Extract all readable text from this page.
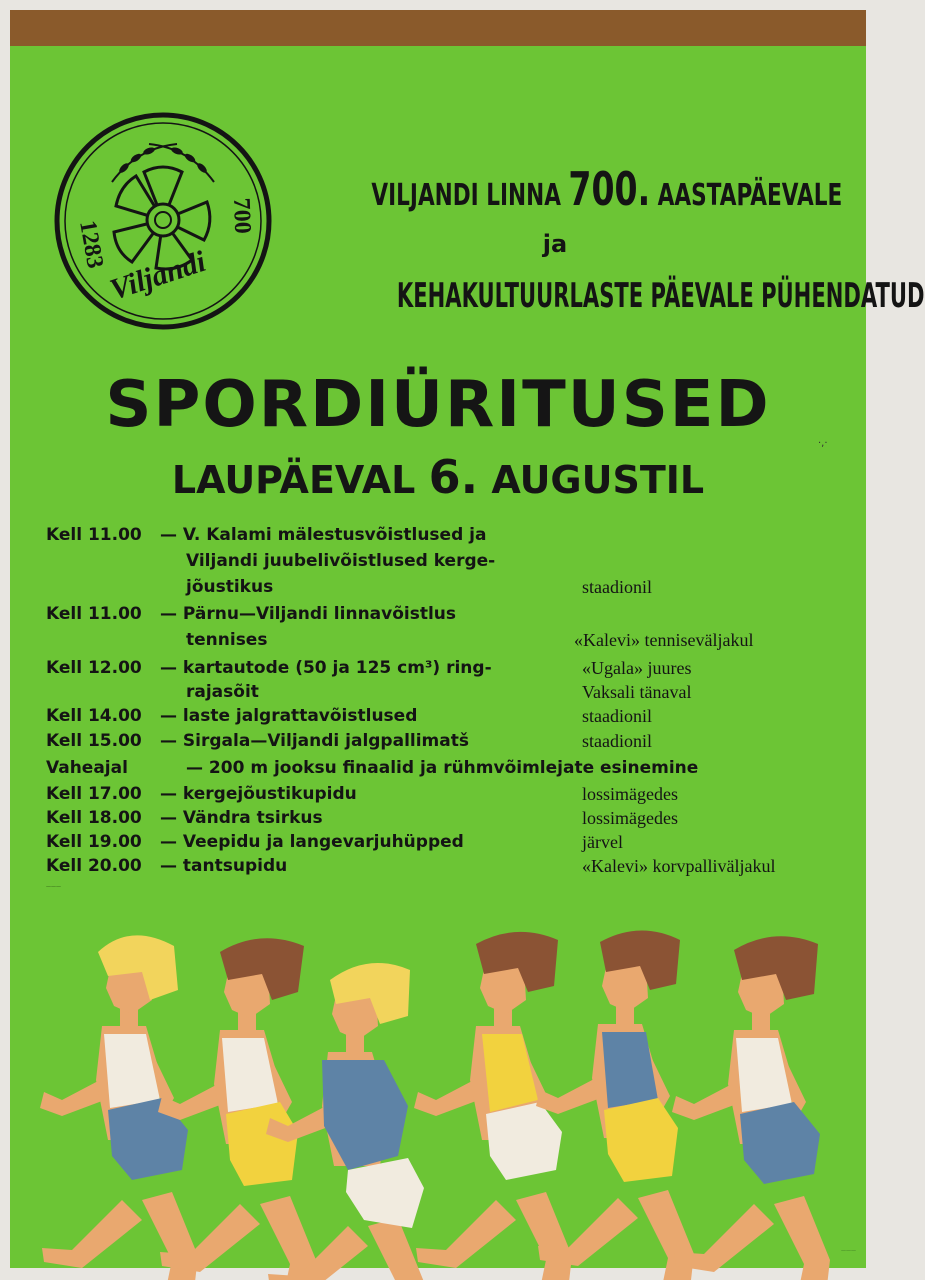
1283
Viljandi
700
VILJANDI LINNA 700. AASTAPÄEVALE
ja
KEHAKULTUURLASTE PÄEVALE PÜHENDATUD
SPORDIÜRITUSED
LAUPÄEVAL 6. AUGUSTIL
·,·
Kell 11.00 — V. Kalami mälestusvõistlused ja
Viljandi juubelivõistlused kerge-
jõustikus	staadionil
Kell 11.00 — Pärnu—Viljandi linnavõistlus
tennises	«Kalevi» tenniseväljakul
Kell 12.00 — kartautode (50 ja 125 cm³) ring-	«Ugala» juures
rajasõit	Vaksali tänaval
Kell 14.00 — laste jalgrattavõistlused	staadionil
Kell 15.00 — Sirgala—Viljandi jalgpallimatš	staadionil
Vaheajal	— 200 m jooksu finaalid ja rühmvõimlejate esinemine
Kell 17.00 — kergejõustikupidu	lossimägedes
Kell 18.00 — Vändra tsirkus	lossimägedes
Kell 19.00 — Veepidu ja langevarjuhüpped	järvel
Kell 20.00 — tantsupidu	«Kalevi» korvpalliväljakul
———
———
